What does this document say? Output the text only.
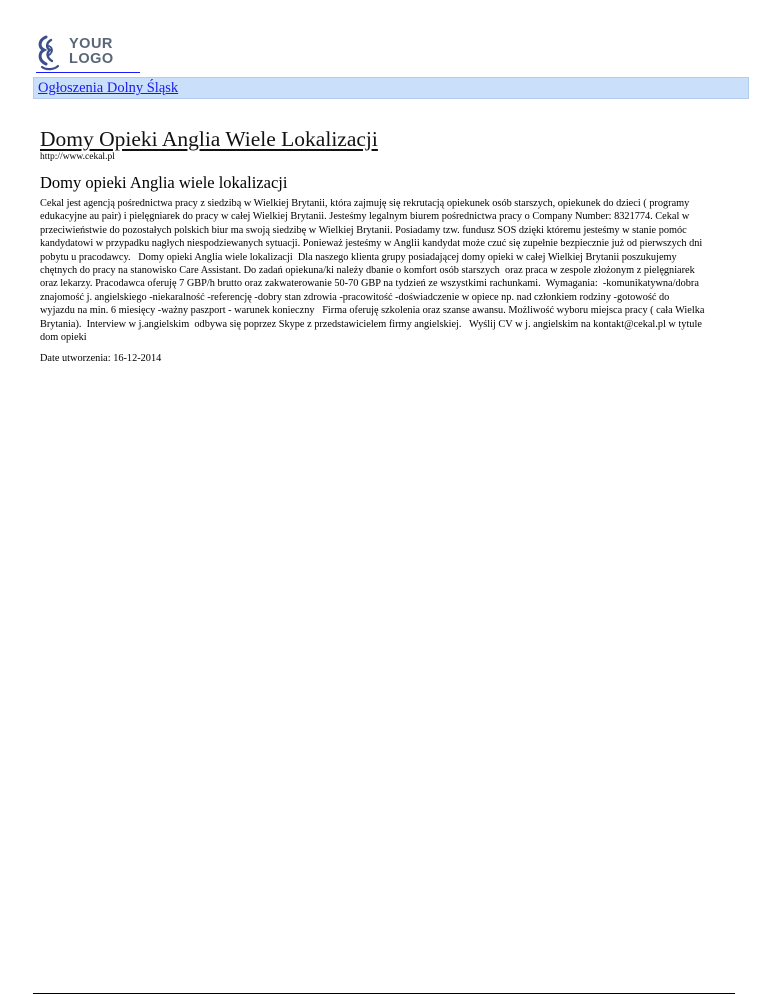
YOUR
LOGO
Ogłoszenia Dolny Śląsk
Domy Opieki Anglia Wiele Lokalizacji
http://www.cekal.pl
Domy opieki Anglia wiele lokalizacji

Cekal jest agencją pośrednictwa pracy z siedzibą w Wielkiej Brytanii, która zajmuję się rekrutacją opiekunek osób starszych, opiekunek do dzieci ( programy edukacyjne au pair) i pielęgniarek do pracy w całej Wielkiej Brytanii. Jesteśmy legalnym biurem pośrednictwa pracy o Company Number: 8321774. Cekal w przeciwieństwie do pozostałych polskich biur ma swoją siedzibę w Wielkiej Brytanii. Posiadamy tzw. fundusz SOS dzięki któremu jesteśmy w stanie pomóc kandydatowi w przypadku nagłych niespodziewanych sytuacji. Ponieważ jesteśmy w Anglii kandydat może czuć się zupełnie bezpiecznie już od pierwszych dni pobytu u pracodawcy.   Domy opieki Anglia wiele lokalizacji  Dla naszego klienta grupy posiadającej domy opieki w całej Wielkiej Brytanii poszukujemy chętnych do pracy na stanowisko Care Assistant. Do zadań opiekuna/ki należy dbanie o komfort osób starszych  oraz praca w zespole złożonym z pielęgniarek oraz lekarzy. Pracodawca oferuję 7 GBP/h brutto oraz zakwaterowanie 50-70 GBP na tydzień ze wszystkimi rachunkami.  Wymagania:  -komunikatywna/dobra znajomość j. angielskiego -niekaralność -referencję -dobry stan zdrowia -pracowitość -doświadczenie w opiece np. nad członkiem rodziny -gotowość do wyjazdu na min. 6 miesięcy -ważny paszport - warunek konieczny   Firma oferuję szkolenia oraz szanse awansu. Możliwość wyboru miejsca pracy ( cała Wielka Brytania).  Interview w j.angielskim  odbywa się poprzez Skype z przedstawicielem firmy angielskiej.   Wyślij CV w j. angielskim na kontakt@cekal.pl w tytule dom opieki

Date utworzenia: 16-12-2014
